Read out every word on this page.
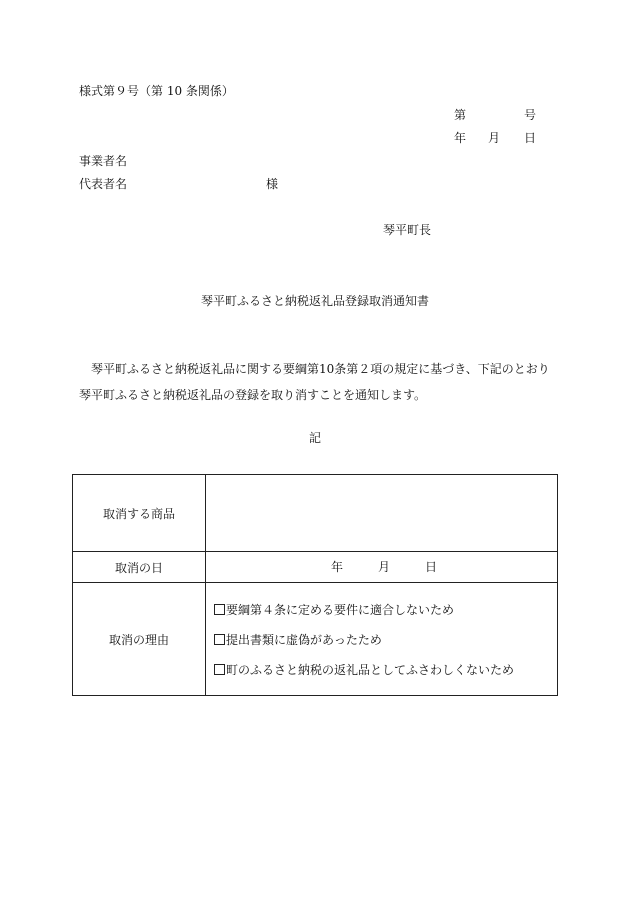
様式第９号（第 10 条関係）
第	号
年 月 日
事業者名
代表者名	様
琴平町長
琴平町ふるさと納税返礼品登録取消通知書
琴平町ふるさと納税返礼品に関する要綱第10条第２項の規定に基づき、下記のとおり琴平町ふるさと納税返礼品の登録を取り消すことを通知します。
記
取消する商品	
取消の日	年 月 日

取消の理由	要綱第４条に定める要件に適合しないため
提出書類に虚偽があったため
町のふるさと納税の返礼品としてふさわしくないため
